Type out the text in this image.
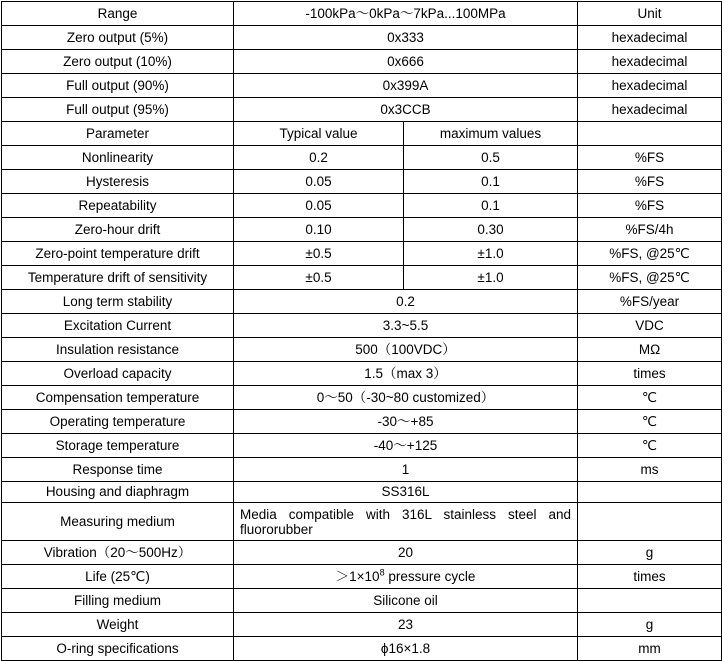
Range	-100kPa～0kPa～7kPa...100MPa		Unit
Zero output (5%)	0x333		hexadecimal
Zero output (10%)	0x666		hexadecimal
Full output (90%)	0x399A		hexadecimal
Full output (95%)	0x3CCB		hexadecimal
Parameter	Typical value	maximum values	
Nonlinearity	0.2	0.5	%FS
Hysteresis	0.05	0.1	%FS
Repeatability	0.05	0.1	%FS
Zero-hour drift	0.10	0.30	%FS/4h
Zero-point temperature drift	±0.5	±1.0	%FS, @25℃
Temperature drift of sensitivity	±0.5	±1.0	%FS, @25℃
Long term stability	0.2		%FS/year
Excitation Current	3.3~5.5		VDC
Insulation resistance	500（100VDC）		MΩ
Overload capacity	1.5（max 3）		times
Compensation temperature	0～50（-30~80 customized）		℃
Operating temperature	-30～+85		℃
Storage temperature	-40～+125		℃
Response time	1		ms
Housing and diaphragm	SS316L		
Measuring medium	Media compatible with 316L stainless steel and fluororubber		
Vibration（20～500Hz）	20		g
Life (25℃)	$>1\times 10^8$ pressure cycle		times
Filling medium	Silicone oil		
Weight	23		g
O-ring specifications	ϕ16×1.8		mm
